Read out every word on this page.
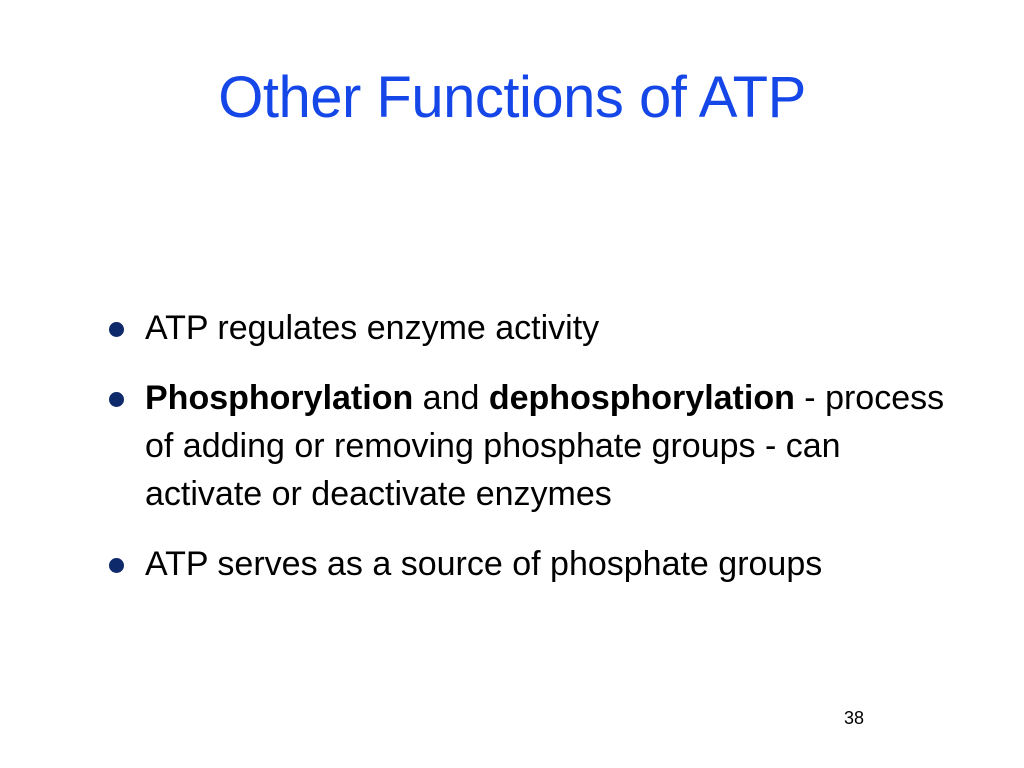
Other Functions of ATP
ATP regulates enzyme activity
Phosphorylation and dephosphorylation - process of adding or removing phosphate groups - can activate or deactivate enzymes
ATP serves as a source of phosphate groups
38
